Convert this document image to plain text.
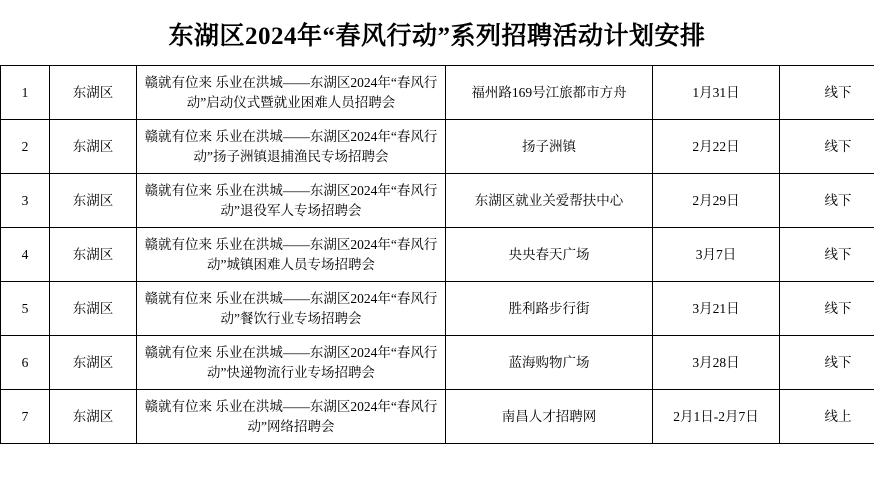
东湖区2024年“春风行动”系列招聘活动计划安排
1	东湖区	赣就有位来 乐业在洪城——东湖区2024年“春风行动”启动仪式暨就业困难人员招聘会	福州路169号江旅都市方舟	1月31日	线下

2	东湖区	赣就有位来 乐业在洪城——东湖区2024年“春风行动”扬子洲镇退捕渔民专场招聘会	扬子洲镇	2月22日	线下

3	东湖区	赣就有位来 乐业在洪城——东湖区2024年“春风行动”退役军人专场招聘会	东湖区就业关爱帮扶中心	2月29日	线下

4	东湖区	赣就有位来 乐业在洪城——东湖区2024年“春风行动”城镇困难人员专场招聘会	央央春天广场	3月7日	线下

5	东湖区	赣就有位来 乐业在洪城——东湖区2024年“春风行动”餐饮行业专场招聘会	胜利路步行街	3月21日	线下

6	东湖区	赣就有位来 乐业在洪城——东湖区2024年“春风行动”快递物流行业专场招聘会	蓝海购物广场	3月28日	线下

7	东湖区	赣就有位来 乐业在洪城——东湖区2024年“春风行动”网络招聘会	南昌人才招聘网	2月1日-2月7日	线上
